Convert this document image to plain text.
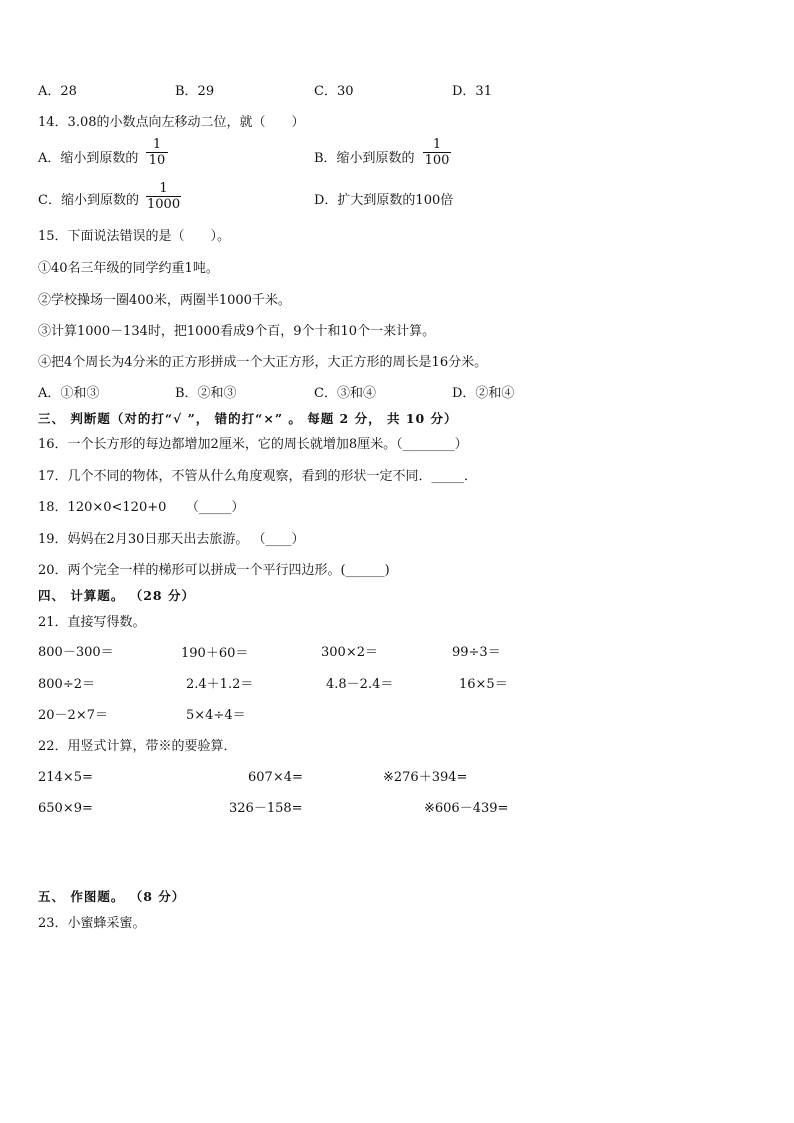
A．28	B．29	C．30	D．31
14．3.08的小数点向左移动二位，就（　　）
A．缩小到原数的
1
10	B．缩小到原数的
1
100
C．缩小到原数的
1
1000	D．扩大到原数的100倍
15．下面说法错误的是（　　）。
①40名三年级的同学约重1吨。
②学校操场一圈400米，两圈半1000千米。
③计算1000－134时，把1000看成9个百，9个十和10个一来计算。
④把4个周长为4分米的正方形拼成一个大正方形，大正方形的周长是16分米。
A．①和③	B．②和③	C．③和④	D．②和④
三、 判断题（对的打“√ ”， 错的打“×” 。 每题 2 分， 共 10 分）
16．一个长方形的每边都增加2厘米，它的周长就增加8厘米。（________）
17．几个不同的物体，不管从什么角度观察，看到的形状一定不同．_____．
18．120×0<120+0　　（_____）
19．妈妈在2月30日那天出去旅游。 （____）
20．两个完全一样的梯形可以拼成一个平行四边形。(______)
四、 计算题。 （28 分）
21．直接写得数。
800－300＝	190＋60＝	300×2＝	99÷3＝
800÷2＝	2.4＋1.2＝	4.8－2.4＝	16×5＝
20－2×7＝	5×4÷4＝
22．用竖式计算，带※的要验算．
214×5=	607×4=	※276＋394=
650×9=	326－158=	※606－439=
五、 作图题。 （8 分）
23．小蜜蜂采蜜。
